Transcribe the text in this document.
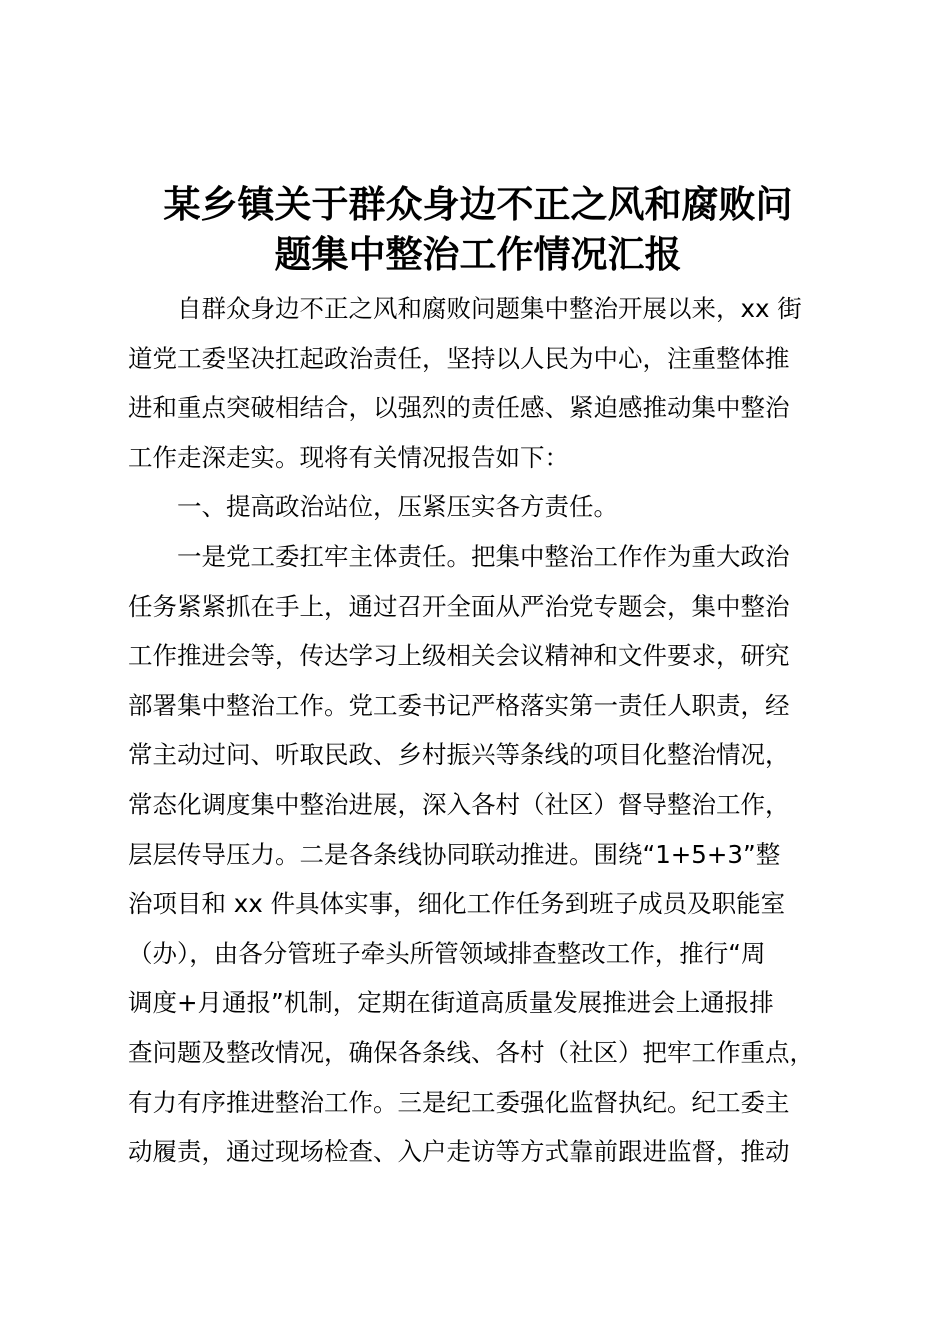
某乡镇关于群众身边不正之风和腐败问
题集中整治工作情况汇报
自群众身边不正之风和腐败问题集中整治开展以来，xx 街
道党工委坚决扛起政治责任，坚持以人民为中心，注重整体推
进和重点突破相结合，以强烈的责任感、紧迫感推动集中整治
工作走深走实。现将有关情况报告如下：
一、提高政治站位，压紧压实各方责任。
一是党工委扛牢主体责任。把集中整治工作作为重大政治
任务紧紧抓在手上，通过召开全面从严治党专题会，集中整治
工作推进会等，传达学习上级相关会议精神和文件要求，研究
部署集中整治工作。党工委书记严格落实第一责任人职责，经
常主动过问、听取民政、乡村振兴等条线的项目化整治情况，
常态化调度集中整治进展，深入各村（社区）督导整治工作，
层层传导压力。二是各条线协同联动推进。围绕“1+5+3”整
治项目和 xx 件具体实事，细化工作任务到班子成员及职能室
（办），由各分管班子牵头所管领域排查整改工作，推行“周
调度+月通报”机制，定期在街道高质量发展推进会上通报排
查问题及整改情况，确保各条线、各村（社区）把牢工作重点，
有力有序推进整治工作。三是纪工委强化监督执纪。纪工委主
动履责，通过现场检查、入户走访等方式靠前跟进监督，推动
